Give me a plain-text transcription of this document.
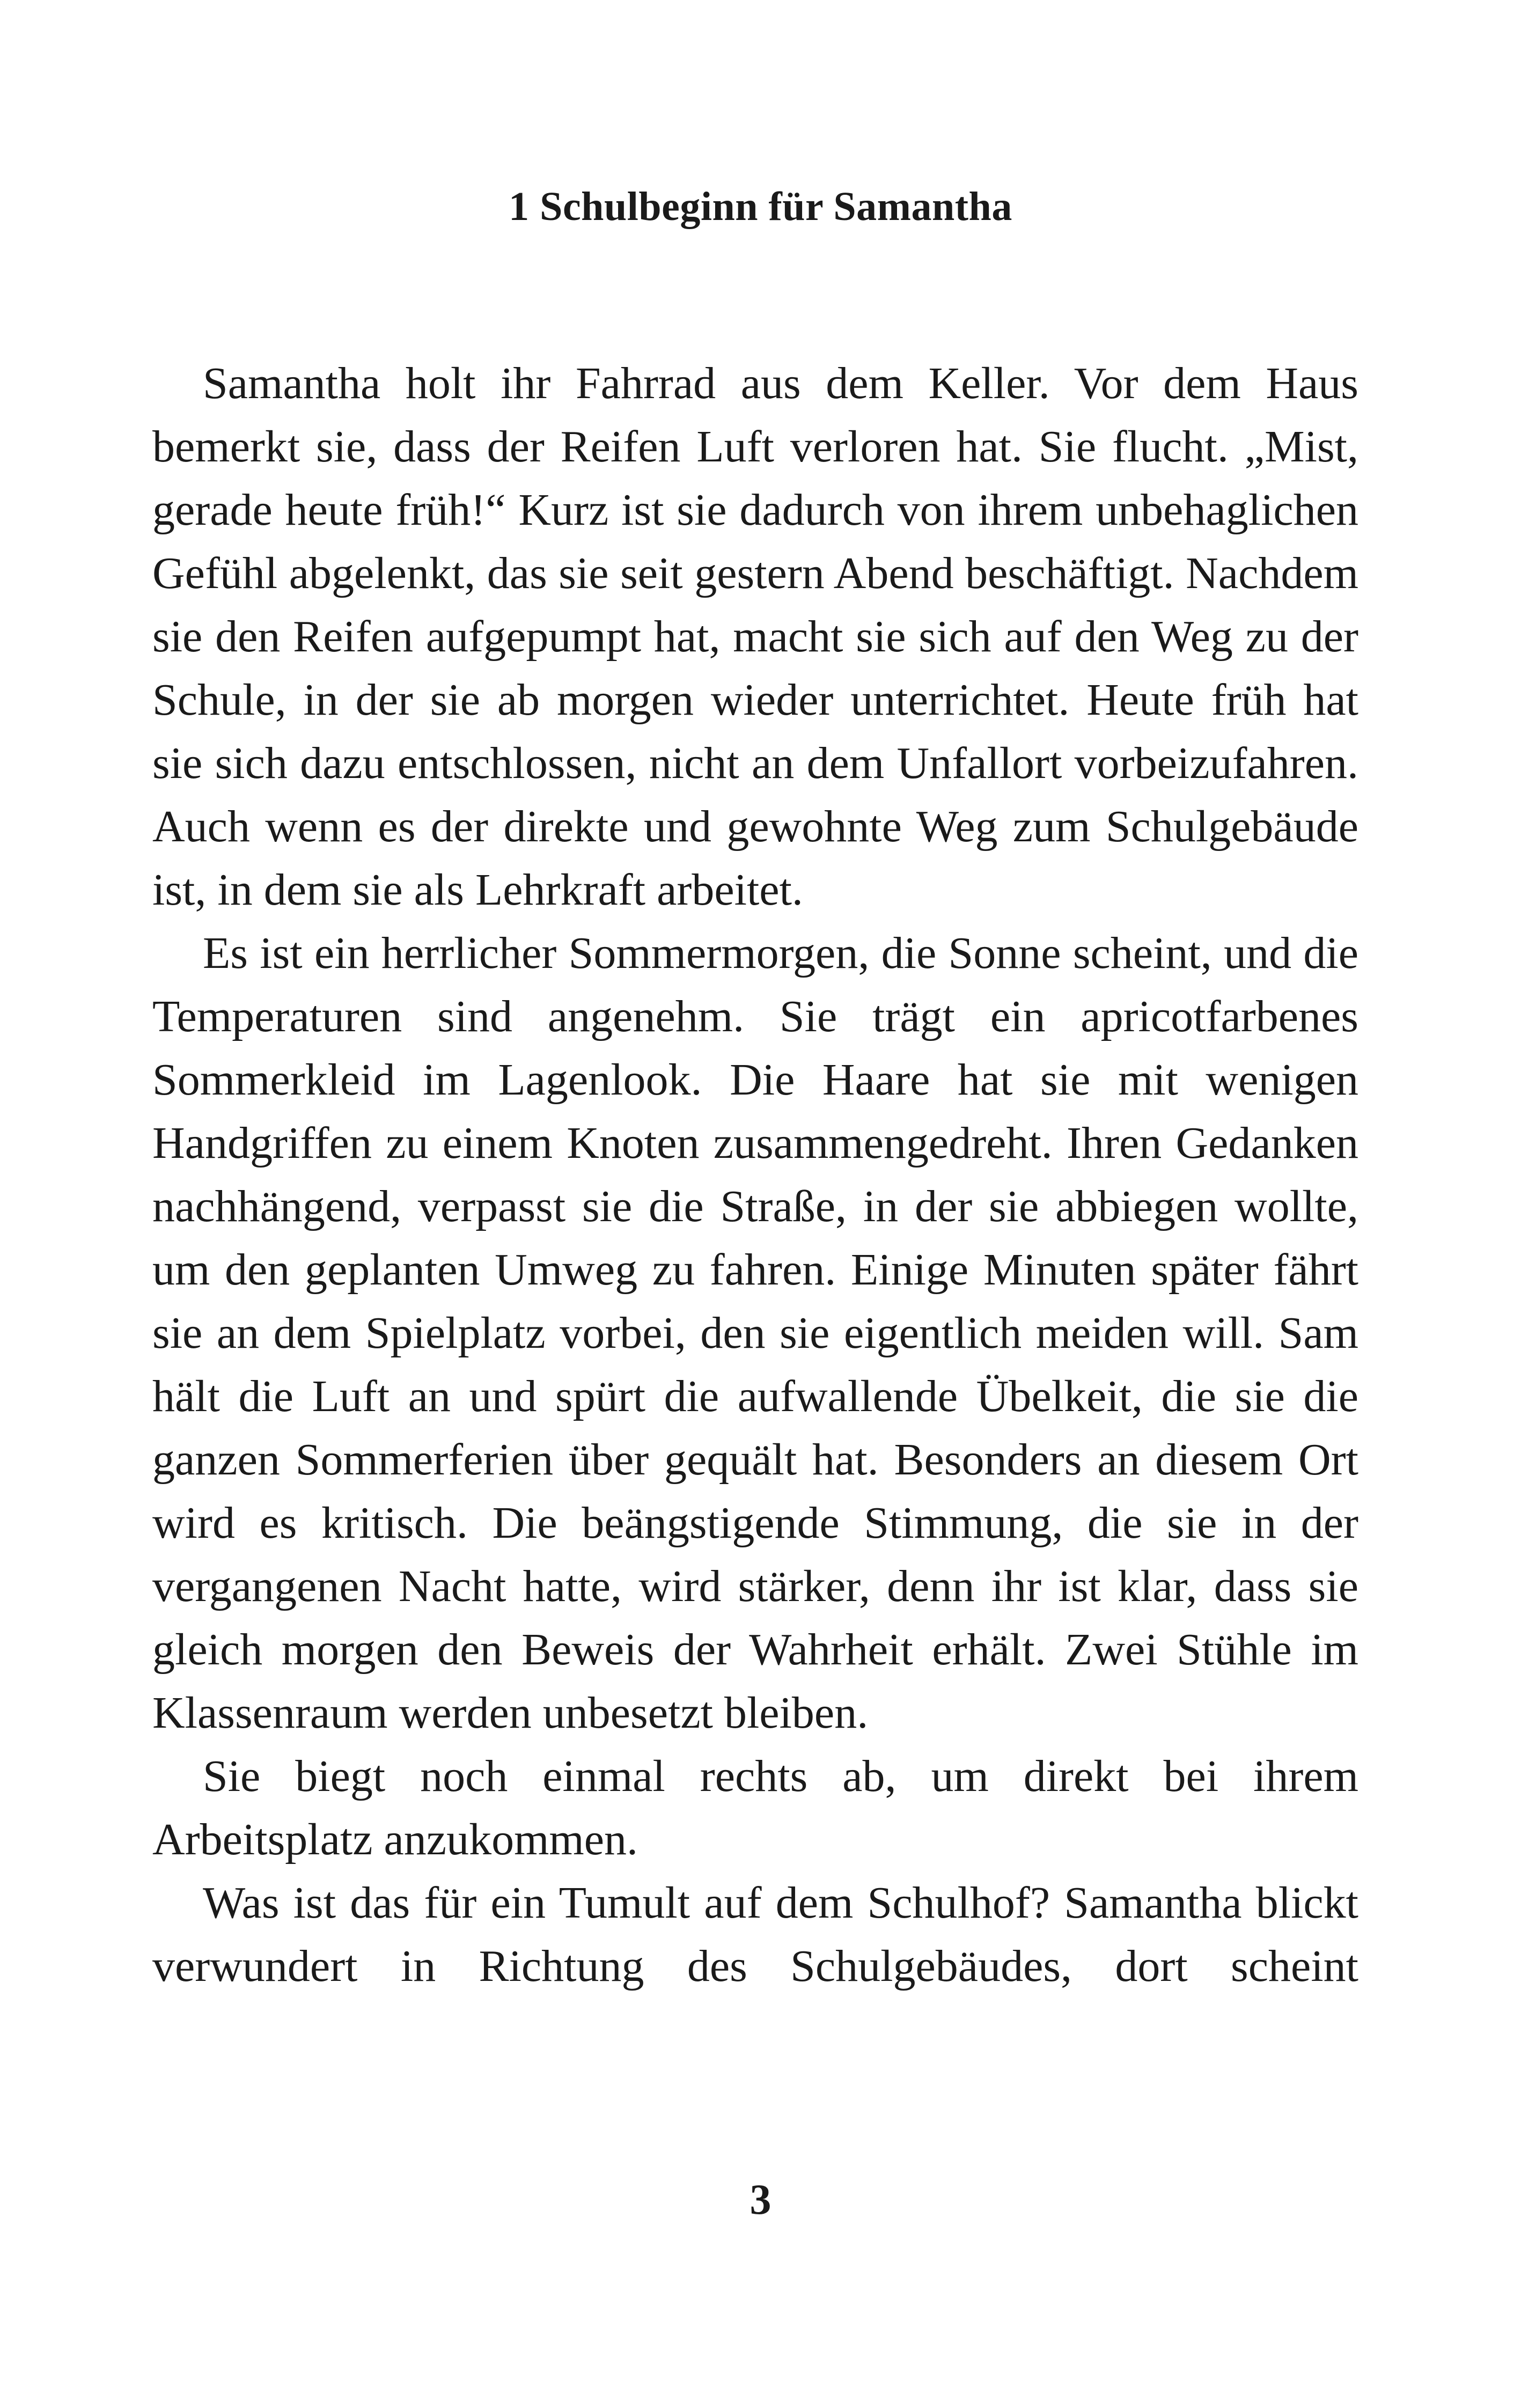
1 Schulbeginn für Samantha

Samantha holt ihr Fahrrad aus dem Keller. Vor dem Haus bemerkt sie, dass der Reifen Luft verloren hat. Sie flucht. „Mist, gerade heute früh!“ Kurz ist sie dadurch von ihrem unbehaglichen Gefühl abgelenkt, das sie seit gestern Abend beschäftigt. Nachdem sie den Reifen aufgepumpt hat, macht sie sich auf den Weg zu der Schule, in der sie ab morgen wieder unterrichtet. Heute früh hat sie sich dazu entschlossen, nicht an dem Unfallort vorbeizufahren. Auch wenn es der direkte und gewohnte Weg zum Schulgebäude ist, in dem sie als Lehrkraft arbeitet.

Es ist ein herrlicher Sommermorgen, die Sonne scheint, und die Temperaturen sind angenehm. Sie trägt ein apricotfarbenes Sommerkleid im Lagenlook. Die Haare hat sie mit wenigen Handgriffen zu einem Knoten zusammengedreht. Ihren Gedanken nachhängend, verpasst sie die Straße, in der sie abbiegen wollte, um den geplanten Umweg zu fahren. Einige Minuten später fährt sie an dem Spielplatz vorbei, den sie eigentlich meiden will. Sam hält die Luft an und spürt die aufwallende Übelkeit, die sie die ganzen Sommerferien über gequält hat. Besonders an diesem Ort wird es kritisch. Die beängstigende Stimmung, die sie in der vergangenen Nacht hatte, wird stärker, denn ihr ist klar, dass sie gleich morgen den Beweis der Wahrheit erhält. Zwei Stühle im Klassenraum werden unbesetzt bleiben.

Sie biegt noch einmal rechts ab, um direkt bei ihrem Arbeitsplatz anzukommen.

Was ist das für ein Tumult auf dem Schulhof? Samantha blickt verwundert in Richtung des Schulgebäudes, dort scheint

3
